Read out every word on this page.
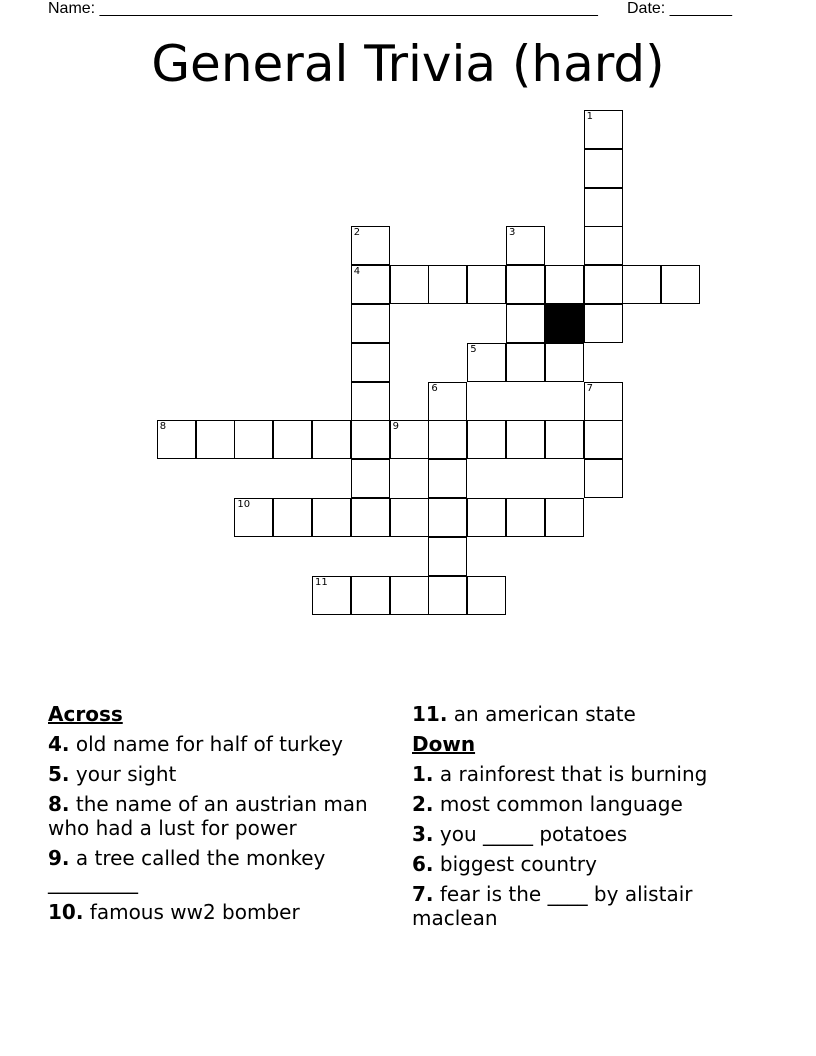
Name: ________________________________________________________ Date: _______
General Trivia (hard)
1
2
4
3
5
6	7
8	9
10
11
Across
4. old name for half of turkey
5. your sight
8. the name of an austrian man who had a lust for power
9. a tree called the monkey _________
10. famous ww2 bomber
11. an american state
Down
1. a rainforest that is burning
2. most common language
3. you _____ potatoes
6. biggest country
7. fear is the ____ by alistair maclean
